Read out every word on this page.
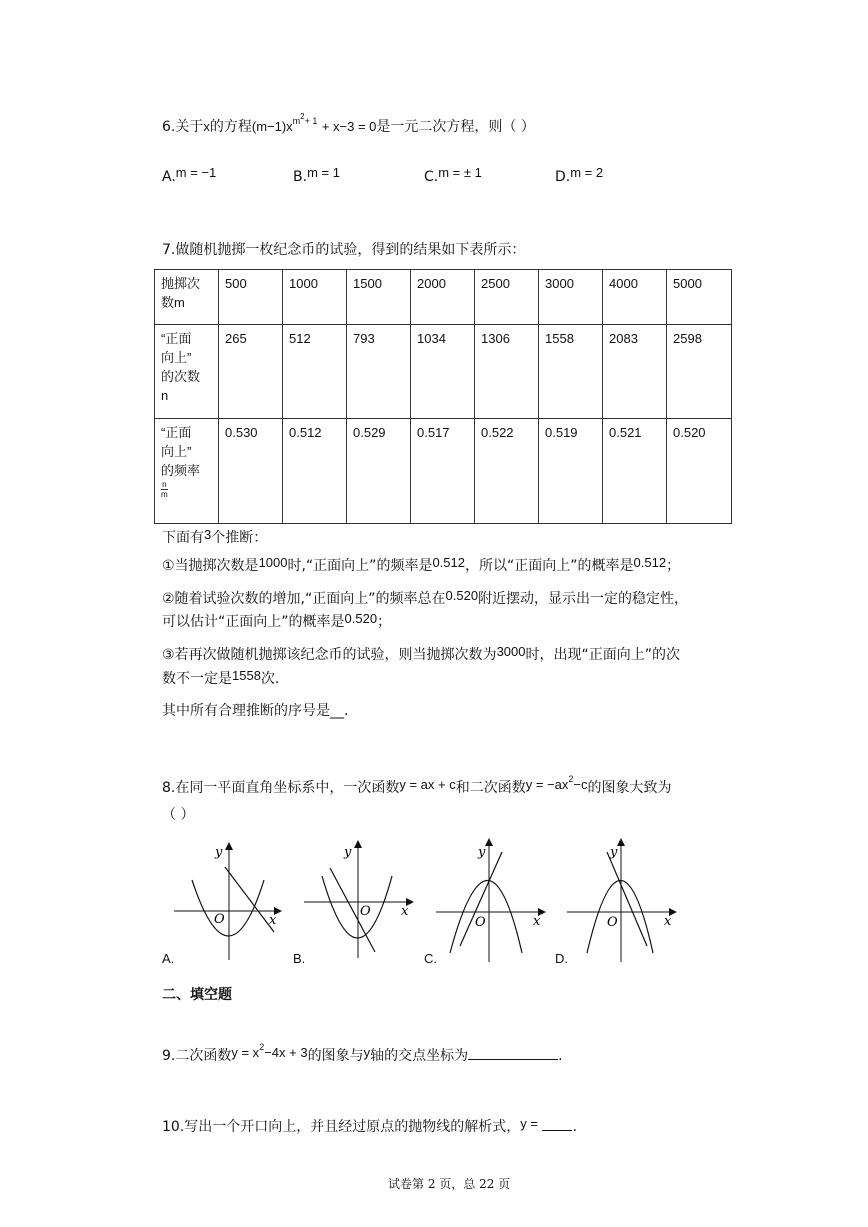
6.关于x的方程$(m-1)x^{m2+ 1} + x-3 = 0$是一元二次方程，则（ ）
A.m = −1	B.m = 1	C.m = ± 1	D.m = 2
7.做随机抛掷一枚纪念币的试验，得到的结果如下表所示：
抛掷次
数m	500	1000	1500	2000	2500	3000	4000	5000

“正面
向上”
的次数
n	265	512	793	1034	1306	1558	2083	2598

“正面
向上”
的频率
$\frac{n}{m}$	0.530	0.512	0.529	0.517	0.522	0.519	0.521	0.520
下面有3个推断：
①当抛掷次数是1000时,“正面向上”的频率是0.512，所以“正面向上”的概率是0.512；
②随着试验次数的增加,“正面向上”的频率总在0.520附近摆动，显示出一定的稳定性，
可以估计“正面向上”的概率是0.520；
③若再次做随机抛掷该纪念币的试验，则当抛掷次数为3000时，出现“正面向上”的次
数不一定是1558次.
其中所有合理推断的序号是__.
8.在同一平面直角坐标系中，一次函数y = ax + c和二次函数$y = -ax^2-c$的图象大致为
（ ）
y
x
O
A.
y
x
O
B.
y
x
O
C.
y
x
O
D.
二、填空题
9.二次函数$y = x^2-4x + 3$的图象与y轴的交点坐标为	.
10.写出一个开口向上，并且经过原点的抛物线的解析式，y = .
试卷第 2 页，总 22 页
